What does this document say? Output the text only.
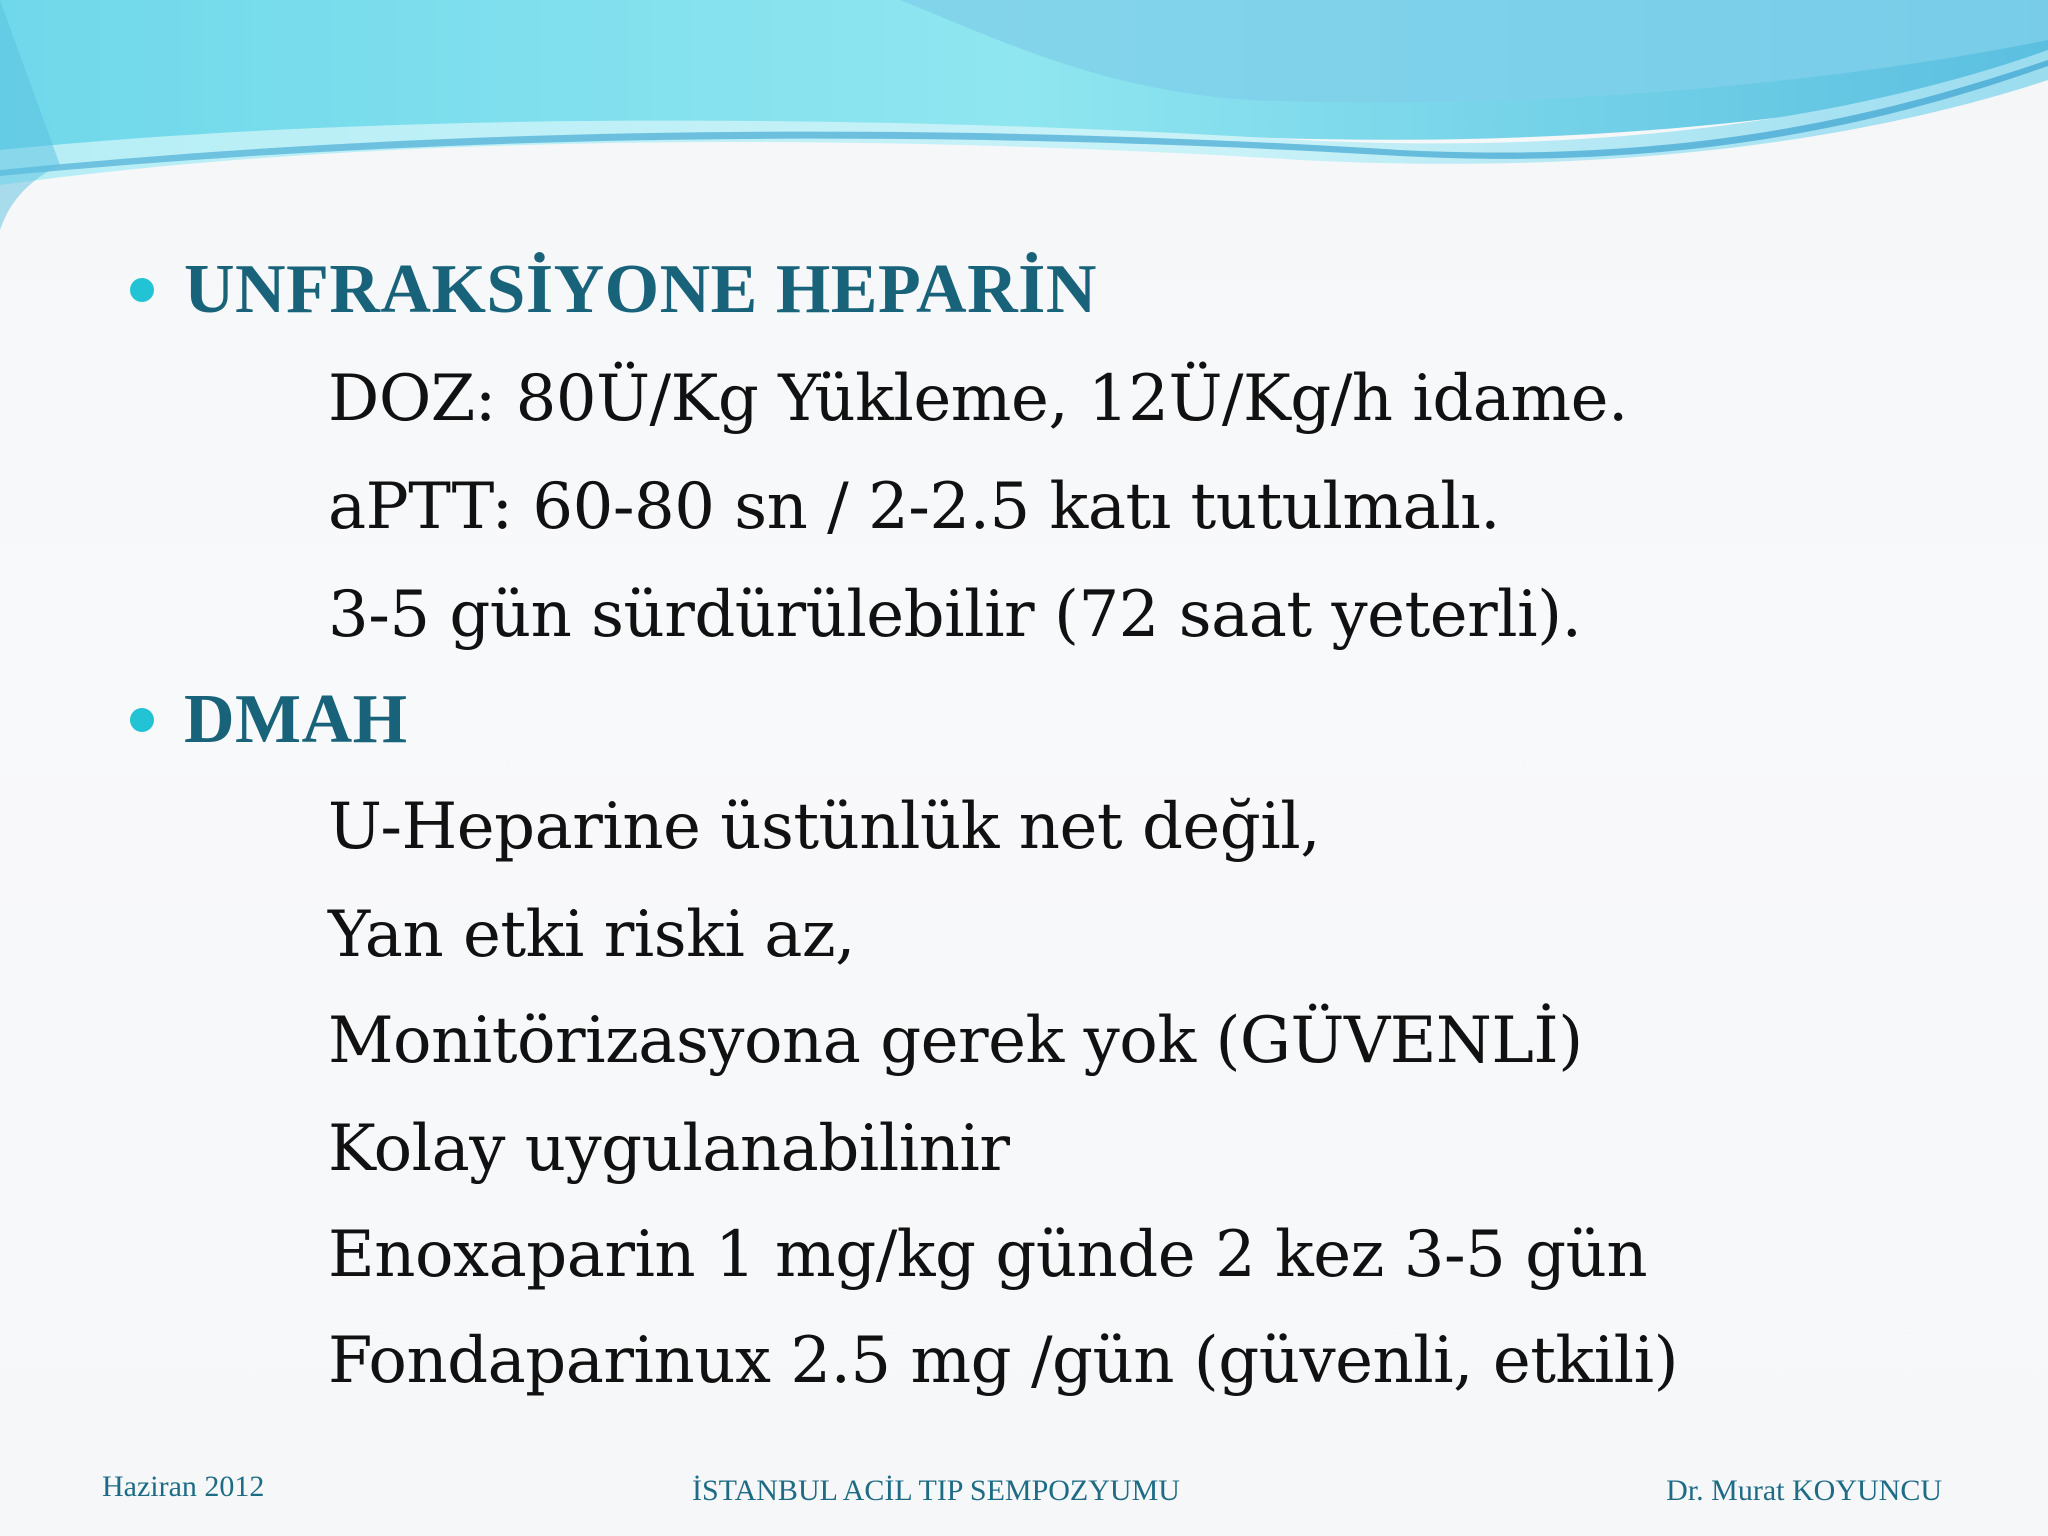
UNFRAKSİYONE HEPARİN
DOZ: 80Ü/Kg Yükleme, 12Ü/Kg/h idame.
aPTT: 60-80 sn / 2-2.5 katı tutulmalı.
3-5 gün sürdürülebilir (72 saat yeterli).
DMAH
U-Heparine üstünlük net değil,
Yan etki riski az,
Monitörizasyona gerek yok (GÜVENLİ)
Kolay uygulanabilinir
Enoxaparin 1 mg/kg günde 2 kez 3-5 gün
Fondaparinux 2.5 mg /gün (güvenli, etkili)
Haziran 2012	İSTANBUL ACİL TIP SEMPOZYUMU	Dr. Murat KOYUNCU
